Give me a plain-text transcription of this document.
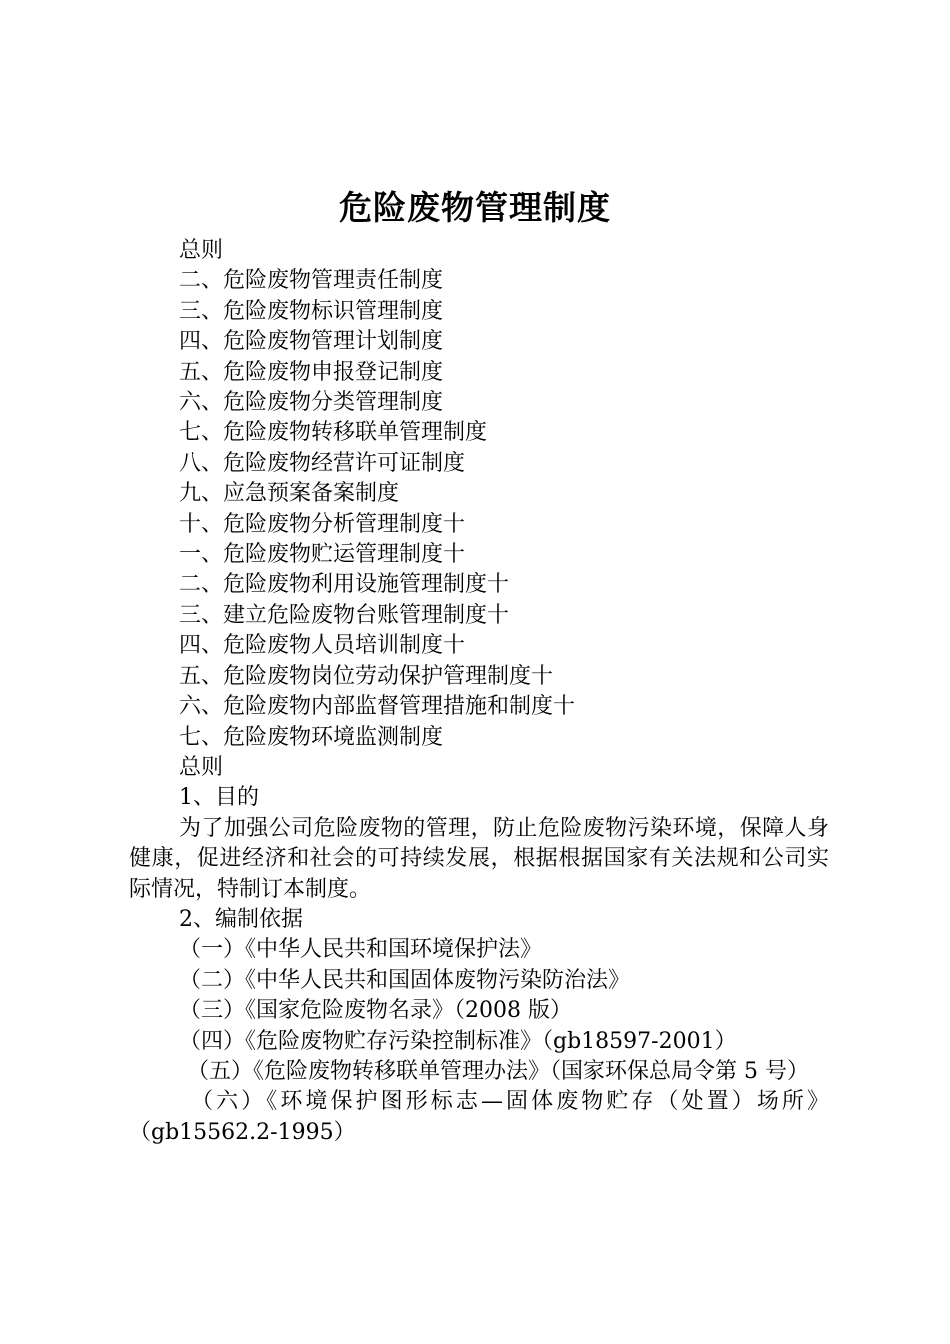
危险废物管理制度
总则
二、危险废物管理责任制度
三、危险废物标识管理制度
四、危险废物管理计划制度
五、危险废物申报登记制度
六、危险废物分类管理制度
七、危险废物转移联单管理制度
八、危险废物经营许可证制度
九、应急预案备案制度
十、危险废物分析管理制度十
一、危险废物贮运管理制度十
二、危险废物利用设施管理制度十
三、建立危险废物台账管理制度十
四、危险废物人员培训制度十
五、危险废物岗位劳动保护管理制度十
六、危险废物内部监督管理措施和制度十
七、危险废物环境监测制度
总则
1、目的
为了加强公司危险废物的管理，防止危险废物污染环境，保障人身健康，促进经济和社会的可持续发展，根据根据国家有关法规和公司实际情况，特制订本制度。
2、编制依据
（一）《中华人民共和国环境保护法》
（二）《中华人民共和国固体废物污染防治法》
（三）《国家危险废物名录》（2008 版）
（四）《危险废物贮存污染控制标准》（gb18597-2001）
（五）《危险废物转移联单管理办法》（国家环保总局令第 5 号）
（六）《环境保护图形标志—固体废物贮存（处置）场所》（gb15562.2-1995）
